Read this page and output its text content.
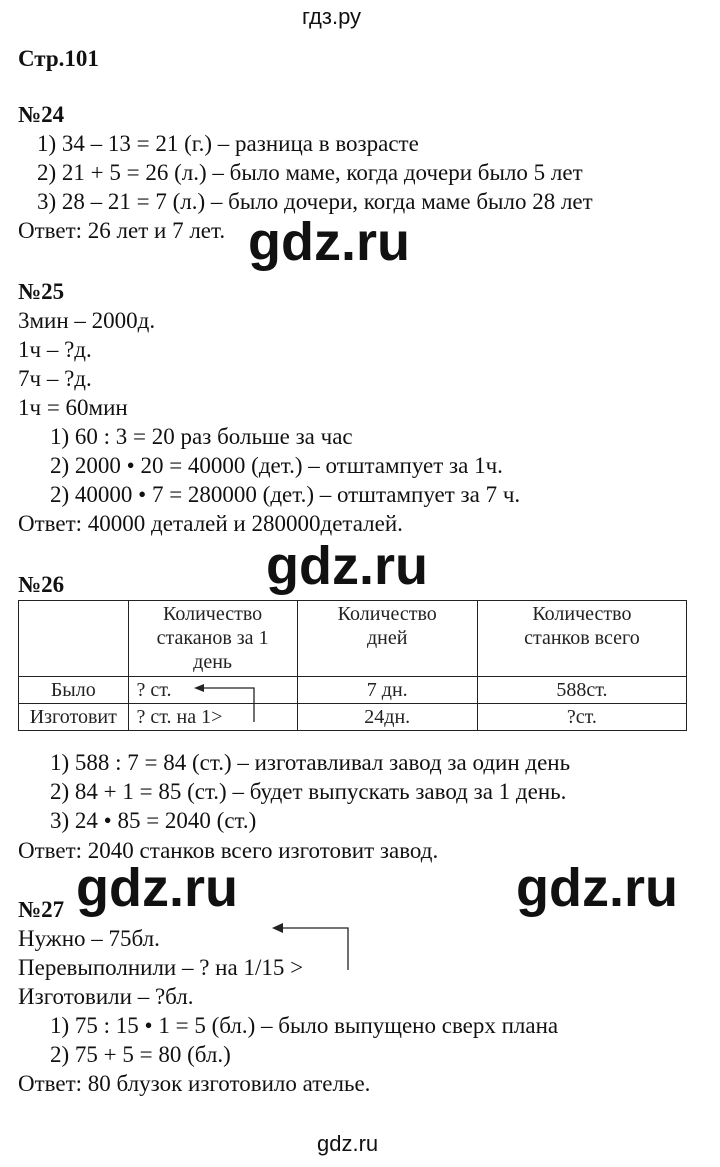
гдз.ру
Стр.101
№24
1) 34 – 13 = 21 (г.) – разница в возрасте
2) 21 + 5 = 26 (л.) – было маме, когда дочери было 5 лет
3) 28 – 21 = 7 (л.) – было дочери, когда маме было 28 лет
Ответ: 26 лет и 7 лет. gdz.ru
№25
3мин – 2000д.
1ч – ?д.
7ч – ?д.
1ч = 60мин
1) 60 : 3 = 20 раз больше за час
2) 2000 • 20 = 40000 (дет.) – отштампует за 1ч.
2) 40000 • 7 = 280000 (дет.) – отштампует за 7 ч.
Ответ: 40000 деталей и 280000деталей.
gdz.ru
№26
	Количество стаканов за 1 день	Количество дней	Количество станков всего
Было	? ст.	7 дн.	588ст.
Изготовит	? ст. на 1>	24дн.	?ст.
1) 588 : 7 = 84 (ст.) – изготавливал завод за один день
2) 84 + 1 = 85 (ст.) – будет выпускать завод за 1 день.
3) 24 • 85 = 2040 (ст.)
Ответ: 2040 станков всего изготовит завод.
gdz.ru	gdz.ru
№27
Нужно – 75бл.
Перевыполнили – ? на 1/15 >
Изготовили – ?бл.
1) 75 : 15 • 1 = 5 (бл.) – было выпущено сверх плана
2) 75 + 5 = 80 (бл.)
Ответ: 80 блузок изготовило ателье.
gdz.ru
